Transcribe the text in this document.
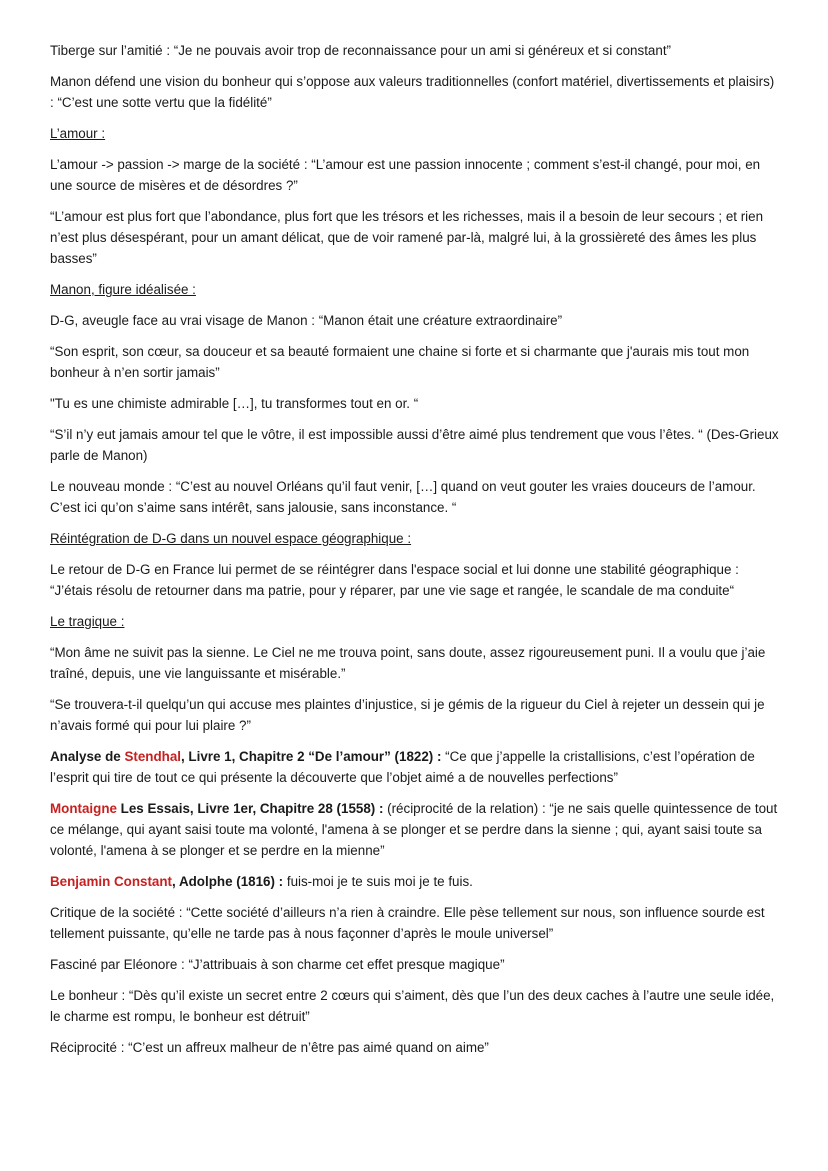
Tiberge sur l’amitié : “Je ne pouvais avoir trop de reconnaissance pour un ami si généreux et si constant”

Manon défend une vision du bonheur qui s’oppose aux valeurs traditionnelles (confort matériel, divertissements et plaisirs) : “C’est une sotte vertu que la fidélité”

L’amour :

L’amour -> passion -> marge de la société : “L’amour est une passion innocente ; comment s’est-il changé, pour moi, en une source de misères et de désordres ?”

“L’amour est plus fort que l’abondance, plus fort que les trésors et les richesses, mais il a besoin de leur secours ; et rien n’est plus désespérant, pour un amant délicat, que de voir ramené par-là, malgré lui, à la grossièreté des âmes les plus basses”

Manon, figure idéalisée :

D-G, aveugle face au vrai visage de Manon : “Manon était une créature extraordinaire”

“Son esprit, son cœur, sa douceur et sa beauté formaient une chaine si forte et si charmante que j'aurais mis tout mon bonheur à n’en sortir jamais”

"Tu es une chimiste admirable […], tu transformes tout en or. “

“S’il n’y eut jamais amour tel que le vôtre, il est impossible aussi d’être aimé plus tendrement que vous l’êtes. “ (Des-Grieux parle de Manon)

Le nouveau monde : “C’est au nouvel Orléans qu’il faut venir, […] quand on veut gouter les vraies douceurs de l’amour. C’est ici qu’on s’aime sans intérêt, sans jalousie, sans inconstance. “

Réintégration de D-G dans un nouvel espace géographique :

Le retour de D-G en France lui permet de se réintégrer dans l'espace social et lui donne une stabilité géographique : “J’étais résolu de retourner dans ma patrie, pour y réparer, par une vie sage et rangée, le scandale de ma conduite“

Le tragique :

“Mon âme ne suivit pas la sienne. Le Ciel ne me trouva point, sans doute, assez rigoureusement puni. Il a voulu que j’aie traîné, depuis, une vie languissante et misérable.”

“Se trouvera-t-il quelqu’un qui accuse mes plaintes d’injustice, si je gémis de la rigueur du Ciel à rejeter un dessein qui je n’avais formé qui pour lui plaire ?”

Analyse de Stendhal, Livre 1, Chapitre 2 “De l’amour” (1822) : “Ce que j’appelle la cristallisions, c’est l’opération de l’esprit qui tire de tout ce qui présente la découverte que l’objet aimé a de nouvelles perfections”

Montaigne Les Essais, Livre 1er, Chapitre 28 (1558) : (réciprocité de la relation) : “je ne sais quelle quintessence de tout ce mélange, qui ayant saisi toute ma volonté, l'amena à se plonger et se perdre dans la sienne ; qui, ayant saisi toute sa volonté, l'amena à se plonger et se perdre en la mienne”

Benjamin Constant, Adolphe (1816) : fuis-moi je te suis moi je te fuis.

Critique de la société : “Cette société d’ailleurs n’a rien à craindre. Elle pèse tellement sur nous, son influence sourde est tellement puissante, qu’elle ne tarde pas à nous façonner d’après le moule universel”

Fasciné par Eléonore : “J’attribuais à son charme cet effet presque magique”

Le bonheur : “Dès qu’il existe un secret entre 2 cœurs qui s’aiment, dès que l’un des deux caches à l’autre une seule idée, le charme est rompu, le bonheur est détruit”

Réciprocité : “C’est un affreux malheur de n’être pas aimé quand on aime”
